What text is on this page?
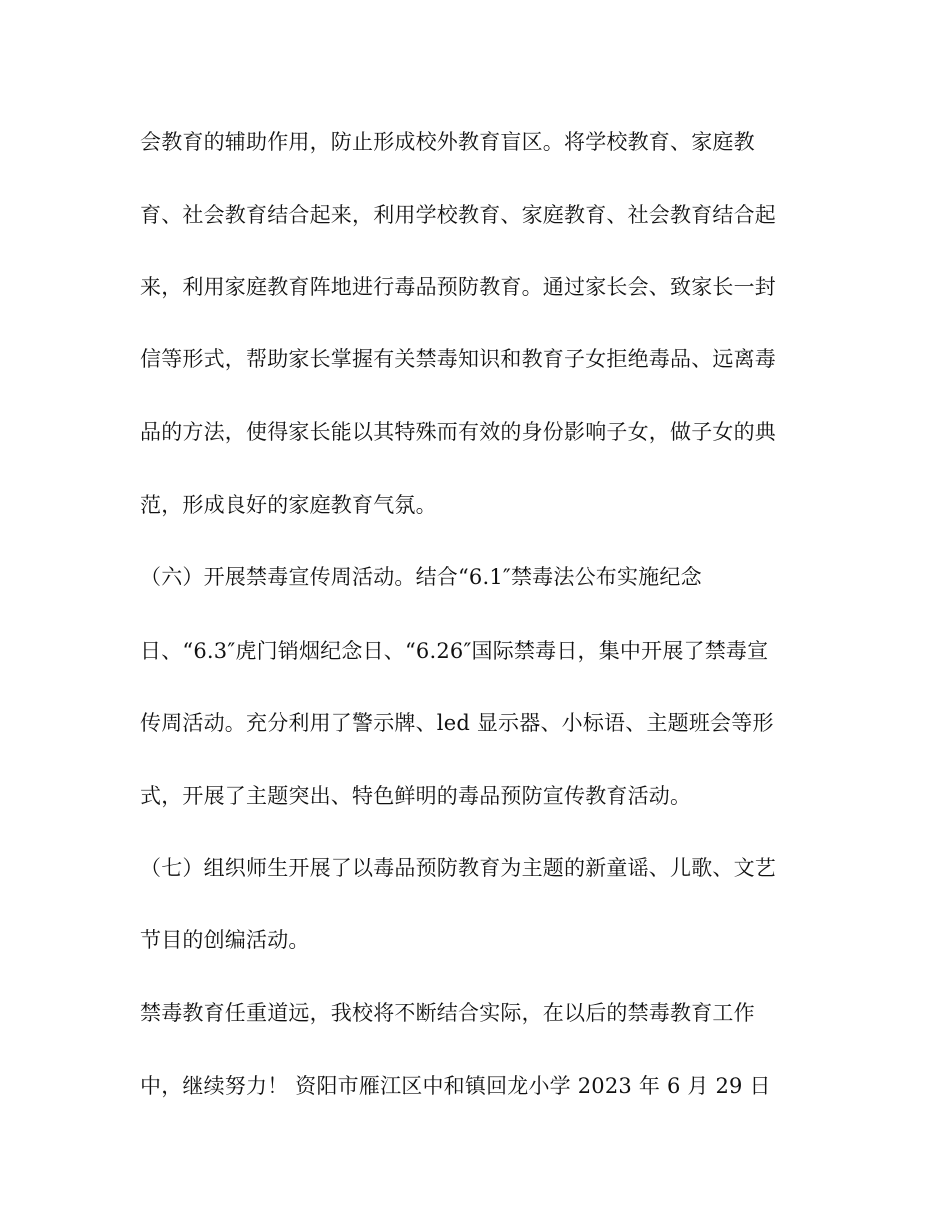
会教育的辅助作用，防止形成校外教育盲区。将学校教育、家庭教
育、社会教育结合起来，利用学校教育、家庭教育、社会教育结合起
来，利用家庭教育阵地进行毒品预防教育。通过家长会、致家长一封
信等形式，帮助家长掌握有关禁毒知识和教育子女拒绝毒品、远离毒
品的方法，使得家长能以其特殊而有效的身份影响子女，做子女的典
范，形成良好的家庭教育气氛。
（六）开展禁毒宣传周活动。结合“6.1″禁毒法公布实施纪念
日、“6.3″虎门销烟纪念日、“6.26″国际禁毒日，集中开展了禁毒宣
传周活动。充分利用了警示牌、led 显示器、小标语、主题班会等形
式，开展了主题突出、特色鲜明的毒品预防宣传教育活动。
（七）组织师生开展了以毒品预防教育为主题的新童谣、儿歌、文艺
节目的创编活动。
禁毒教育任重道远，我校将不断结合实际，在以后的禁毒教育工作
中，继续努力！ 资阳市雁江区中和镇回龙小学 2023 年 6 月 29 日
